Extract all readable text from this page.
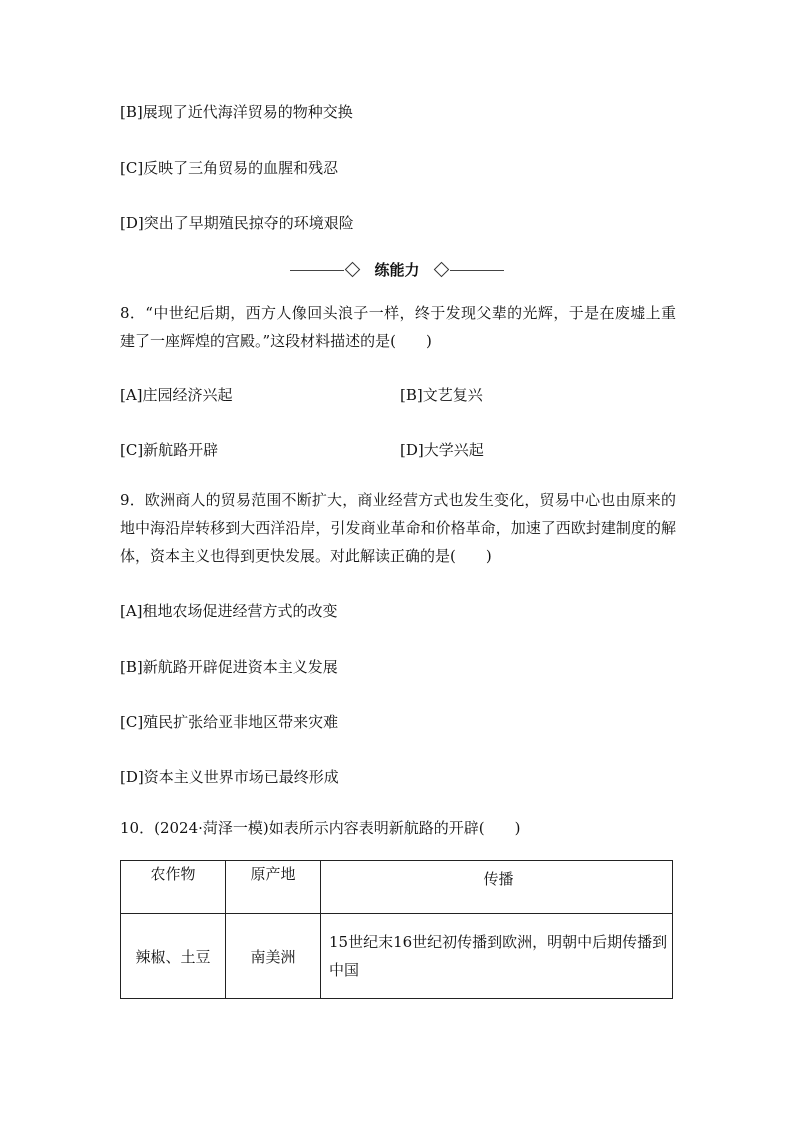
[B]展现了近代海洋贸易的物种交换
[C]反映了三角贸易的血腥和残忍
[D]突出了早期殖民掠夺的环境艰险
练能力
8．“中世纪后期，西方人像回头浪子一样，终于发现父辈的光辉，于是在废墟上重建了一座辉煌的宫殿。”这段材料描述的是(　　)
[A]庄园经济兴起	[B]文艺复兴
[C]新航路开辟	[D]大学兴起
9．欧洲商人的贸易范围不断扩大，商业经营方式也发生变化，贸易中心也由原来的地中海沿岸转移到大西洋沿岸，引发商业革命和价格革命，加速了西欧封建制度的解体，资本主义也得到更快发展。对此解读正确的是(　　)
[A]租地农场促进经营方式的改变
[B]新航路开辟促进资本主义发展
[C]殖民扩张给亚非地区带来灾难
[D]资本主义世界市场已最终形成
10．(2024·菏泽一模)如表所示内容表明新航路的开辟(　　)
农作物	原产地	传播
辣椒、土豆	南美洲	15世纪末16世纪初传播到欧洲，明朝中后期传播到中国
